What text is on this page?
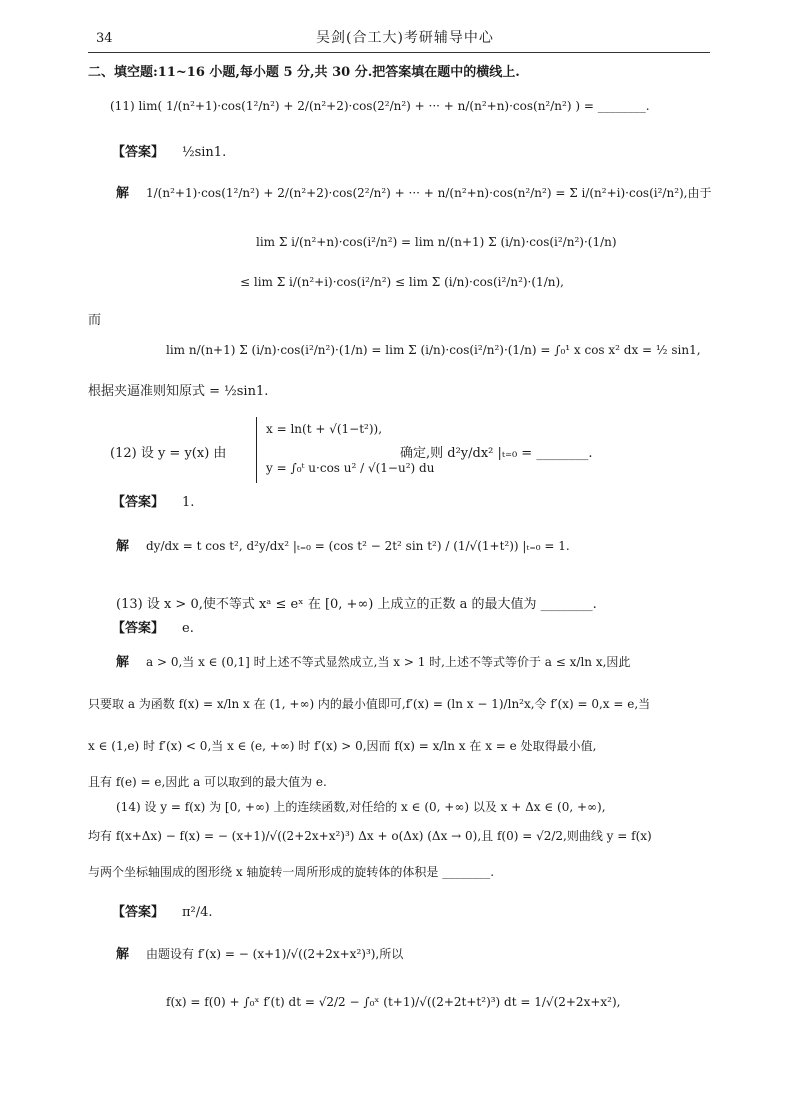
34	吴剑(合工大)考研辅导中心
二、填空题:11~16 小题,每小题 5 分,共 30 分.把答案填在题中的横线上.
(11) lim( 1/(n²+1)·cos(1²/n²) + 2/(n²+2)·cos(2²/n²) + ··· + n/(n²+n)·cos(n²/n²) ) = ________.
【答案】 ½sin1.
解 1/(n²+1)·cos(1²/n²) + 2/(n²+2)·cos(2²/n²) + ··· + n/(n²+n)·cos(n²/n²) = Σ i/(n²+i)·cos(i²/n²),由于
lim Σ i/(n²+n)·cos(i²/n²) = lim n/(n+1) Σ (i/n)·cos(i²/n²)·(1/n)
≤ lim Σ i/(n²+i)·cos(i²/n²) ≤ lim Σ (i/n)·cos(i²/n²)·(1/n),
而
lim n/(n+1) Σ (i/n)·cos(i²/n²)·(1/n) = lim Σ (i/n)·cos(i²/n²)·(1/n) = ∫₀¹ x cos x² dx = ½ sin1,
根据夹逼准则知原式 = ½sin1.
(12) 设 y = y(x) 由
x = ln(t + √(1−t²)),
y = ∫₀ᵗ u·cos u² / √(1−u²) du
确定,则 d²y/dx² |ₜ₌₀ = ________.
【答案】 1.
解 dy/dx = t cos t², d²y/dx² |ₜ₌₀ = (cos t² − 2t² sin t²) / (1/√(1+t²)) |ₜ₌₀ = 1.
(13) 设 x > 0,使不等式 xᵃ ≤ eˣ 在 [0, +∞) 上成立的正数 a 的最大值为 ________.
【答案】 e.
解 a > 0,当 x ∈ (0,1] 时上述不等式显然成立,当 x > 1 时,上述不等式等价于 a ≤ x/ln x,因此
只要取 a 为函数 f(x) = x/ln x 在 (1, +∞) 内的最小值即可,f′(x) = (ln x − 1)/ln²x,令 f′(x) = 0,x = e,当
x ∈ (1,e) 时 f′(x) < 0,当 x ∈ (e, +∞) 时 f′(x) > 0,因而 f(x) = x/ln x 在 x = e 处取得最小值,
且有 f(e) = e,因此 a 可以取到的最大值为 e.
(14) 设 y = f(x) 为 [0, +∞) 上的连续函数,对任给的 x ∈ (0, +∞) 以及 x + Δx ∈ (0, +∞),
均有 f(x+Δx) − f(x) = − (x+1)/√((2+2x+x²)³) Δx + o(Δx) (Δx → 0),且 f(0) = √2/2,则曲线 y = f(x)
与两个坐标轴围成的图形绕 x 轴旋转一周所形成的旋转体的体积是 ________.
【答案】 π²/4.
解 由题设有 f′(x) = − (x+1)/√((2+2x+x²)³),所以
f(x) = f(0) + ∫₀ˣ f′(t) dt = √2/2 − ∫₀ˣ (t+1)/√((2+2t+t²)³) dt = 1/√(2+2x+x²),
